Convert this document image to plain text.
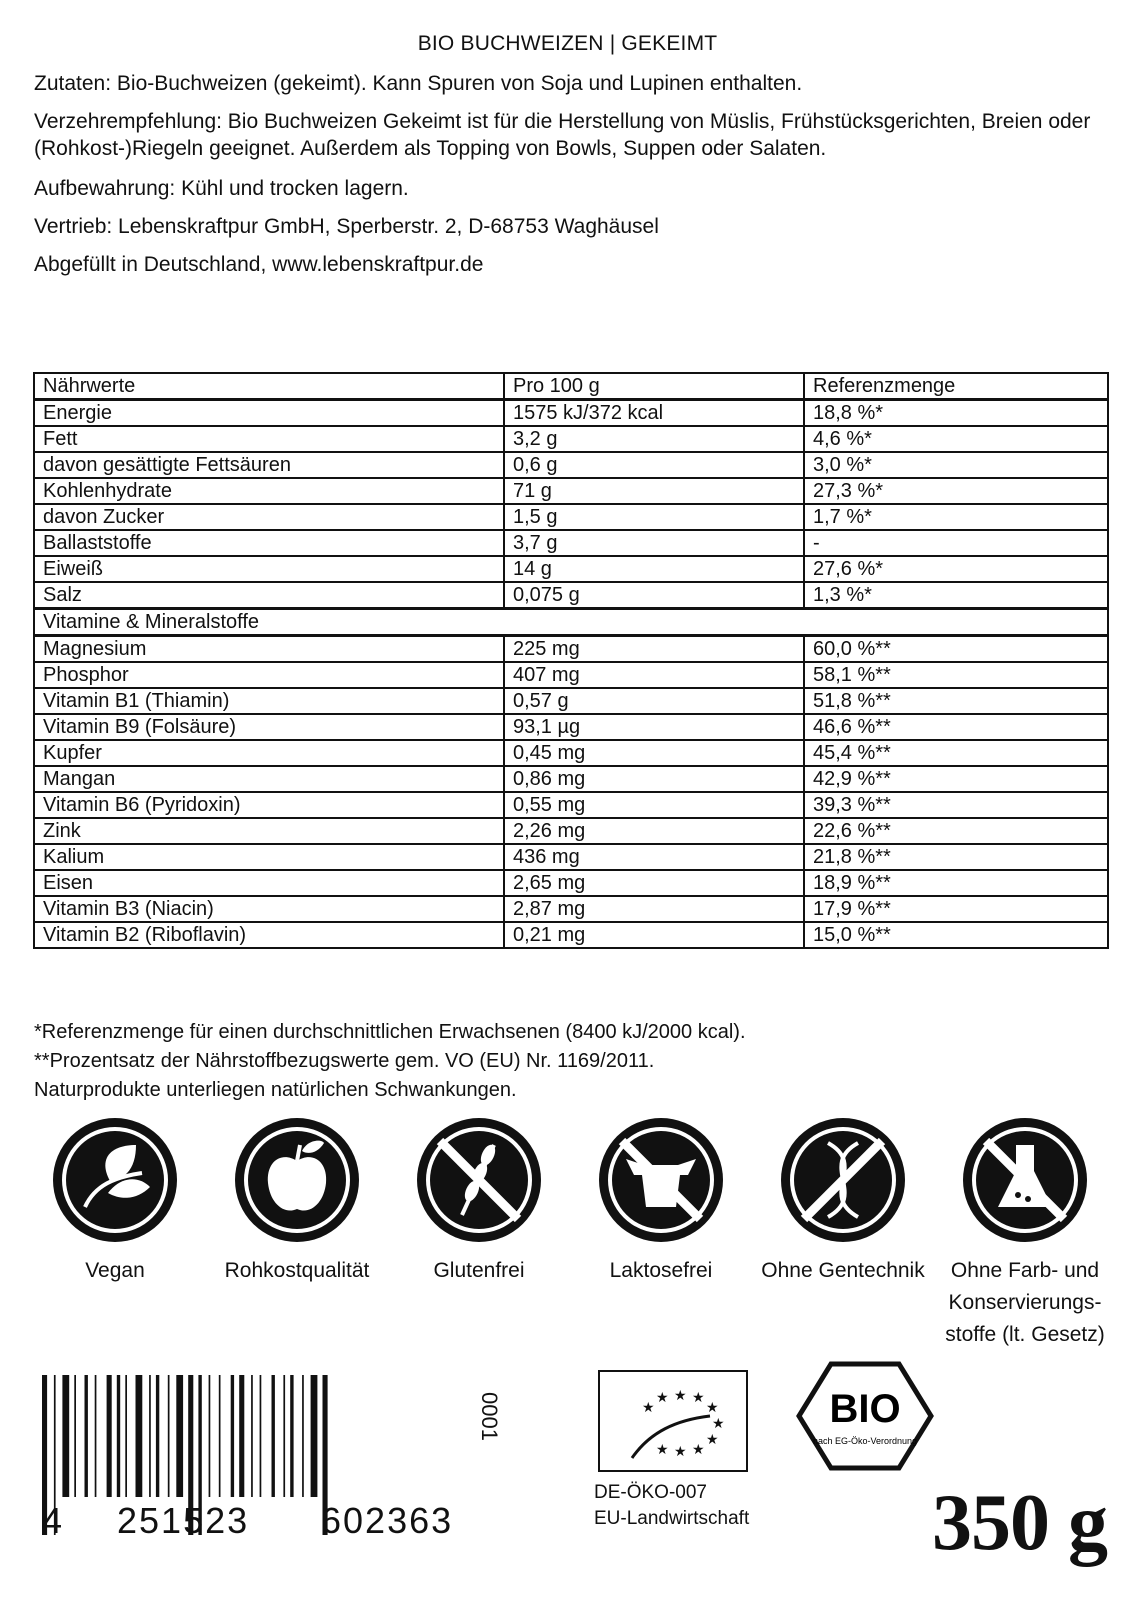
BIO BUCHWEIZEN | GEKEIMT
Zutaten: Bio-Buchweizen (gekeimt). Kann Spuren von Soja und Lupinen enthalten.
Verzehrempfehlung: Bio Buchweizen Gekeimt ist für die Herstellung von Müslis, Frühstücksgerichten, Breien oder (Rohkost-)Riegeln geeignet. Außerdem als Topping von Bowls, Suppen oder Salaten.
Aufbewahrung: Kühl und trocken lagern.
Vertrieb: Lebenskraftpur GmbH, Sperberstr. 2, D-68753 Waghäusel
Abgefüllt in Deutschland, www.lebenskraftpur.de
Nährwerte	Pro 100 g	Referenzmenge
Energie	1575 kJ/372 kcal	18,8 %*
Fett	3,2 g	4,6 %*
davon gesättigte Fettsäuren	0,6 g	3,0 %*
Kohlenhydrate	71 g	27,3 %*
davon Zucker	1,5 g	1,7 %*
Ballaststoffe	3,7 g	-
Eiweiß	14 g	27,6 %*
Salz	0,075 g	1,3 %*
Vitamine & Mineralstoffe		
Magnesium	225 mg	60,0 %**
Phosphor	407 mg	58,1 %**
Vitamin B1 (Thiamin)	0,57 g	51,8 %**
Vitamin B9 (Folsäure)	93,1 µg	46,6 %**
Kupfer	0,45 mg	45,4 %**
Mangan	0,86 mg	42,9 %**
Vitamin B6 (Pyridoxin)	0,55 mg	39,3 %**
Zink	2,26 mg	22,6 %**
Kalium	436 mg	21,8 %**
Eisen	2,65 mg	18,9 %**
Vitamin B3 (Niacin)	2,87 mg	17,9 %**
Vitamin B2 (Riboflavin)	0,21 mg	15,0 %**
*Referenzmenge für einen durchschnittlichen Erwachsenen (8400 kJ/2000 kcal).
**Prozentsatz der Nährstoffbezugswerte gem. VO (EU) Nr. 1169/2011.
Naturprodukte unterliegen natürlichen Schwankungen.
Vegan	Rohkostqualität	Glutenfrei	Laktosefrei	Ohne Gentechnik	Ohne Farb- und Konservierungs-stoffe (lt. Gesetz)
4 251523 602363
0001	★ ★ ★
★
★
★
★
★
★
★
DE-ÖKO-007
EU-Landwirtschaft
BIO
nach EG-Öko-Verordnung
350 g
